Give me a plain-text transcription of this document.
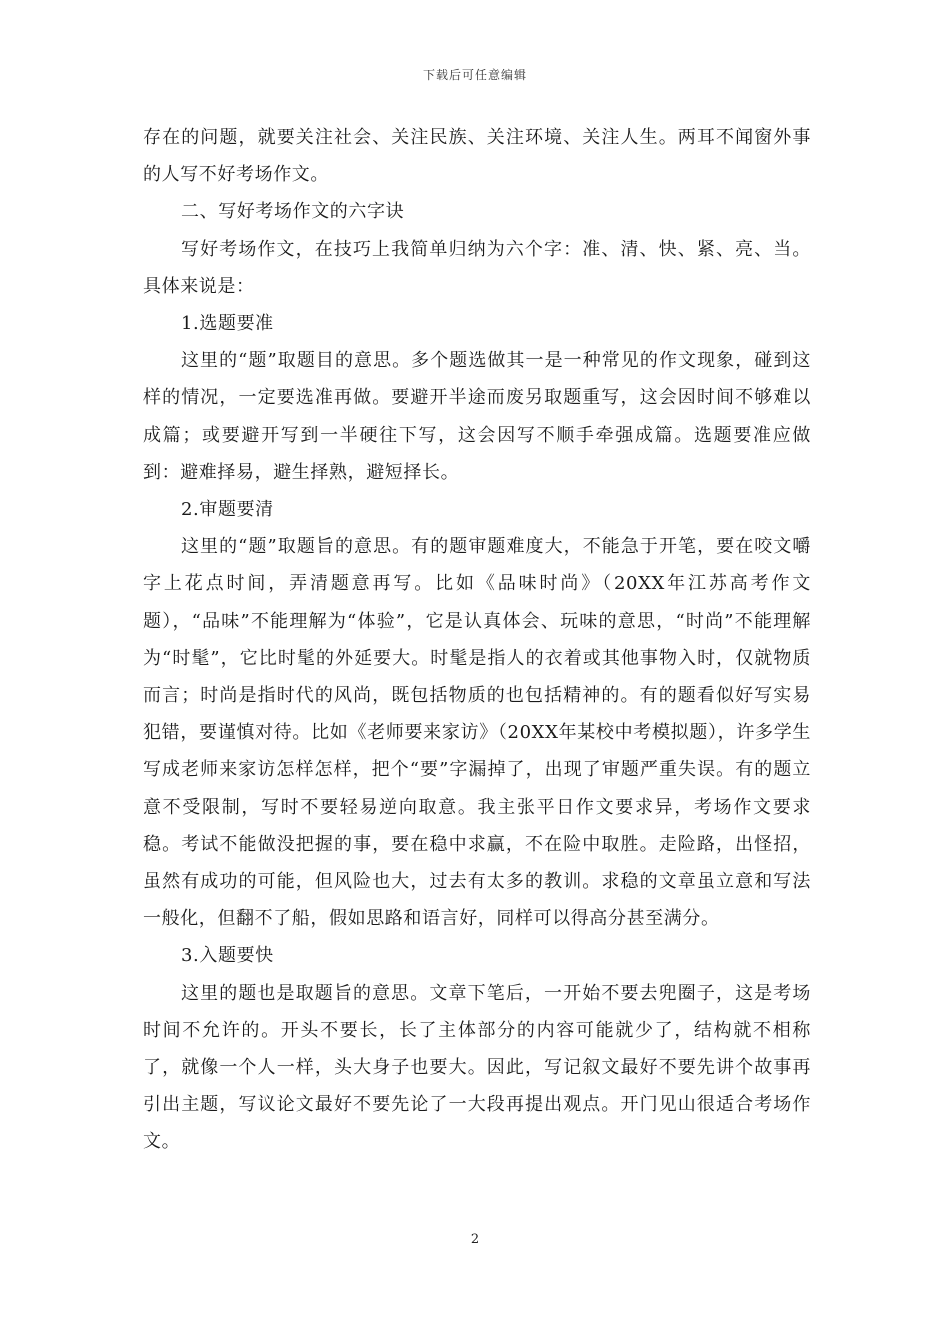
下载后可任意编辑

存在的问题，就要关注社会、关注民族、关注环境、关注人生。两耳不闻窗外事的人写不好考场作文。

二、写好考场作文的六字诀

写好考场作文，在技巧上我简单归纳为六个字：准、清、快、紧、亮、当。具体来说是：

1.选题要准

这里的“题”取题目的意思。多个题选做其一是一种常见的作文现象，碰到这样的情况，一定要选准再做。要避开半途而废另取题重写，这会因时间不够难以成篇；或要避开写到一半硬往下写，这会因写不顺手牵强成篇。选题要准应做到：避难择易，避生择熟，避短择长。

2.审题要清

这里的“题”取题旨的意思。有的题审题难度大，不能急于开笔，要在咬文嚼字上花点时间，弄清题意再写。比如《品味时尚》（20XX年江苏高考作文题），“品味”不能理解为“体验”，它是认真体会、玩味的意思，“时尚”不能理解为“时髦”，它比时髦的外延要大。时髦是指人的衣着或其他事物入时，仅就物质而言；时尚是指时代的风尚，既包括物质的也包括精神的。有的题看似好写实易犯错，要谨慎对待。比如《老师要来家访》（20XX年某校中考模拟题），许多学生写成老师来家访怎样怎样，把个“要”字漏掉了，出现了审题严重失误。有的题立意不受限制，写时不要轻易逆向取意。我主张平日作文要求异，考场作文要求稳。考试不能做没把握的事，要在稳中求赢，不在险中取胜。走险路，出怪招，虽然有成功的可能，但风险也大，过去有太多的教训。求稳的文章虽立意和写法一般化，但翻不了船，假如思路和语言好，同样可以得高分甚至满分。

3.入题要快

这里的题也是取题旨的意思。文章下笔后，一开始不要去兜圈子，这是考场时间不允许的。开头不要长，长了主体部分的内容可能就少了，结构就不相称了，就像一个人一样，头大身子也要大。因此，写记叙文最好不要先讲个故事再引出主题，写议论文最好不要先论了一大段再提出观点。开门见山很适合考场作文。

2
